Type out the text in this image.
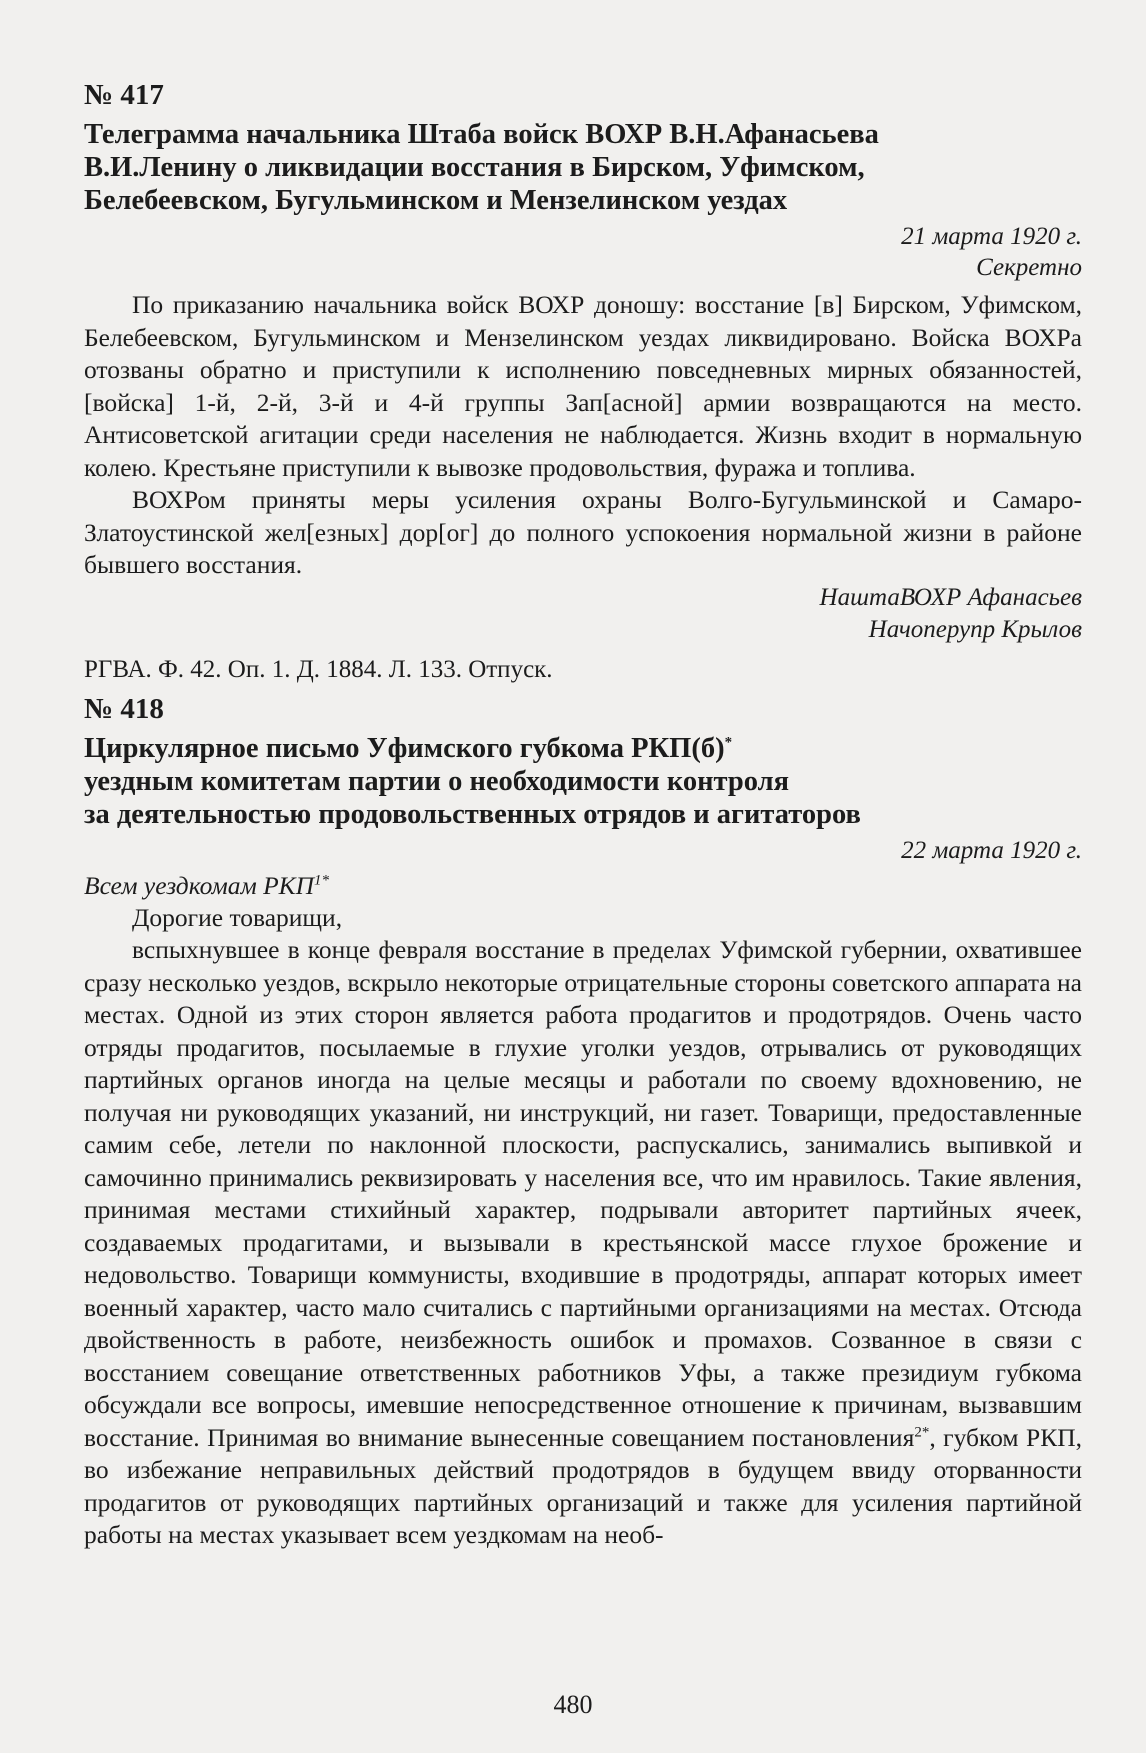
№ 417
Телеграмма начальника Штаба войск ВОХР В.Н.Афанасьева
В.И.Ленину о ликвидации восстания в Бирском, Уфимском,
Белебеевском, Бугульминском и Мензелинском уездах
21 марта 1920 г.
Секретно

По приказанию начальника войск ВОХР доношу: восстание [в] Бирском, Уфимском, Белебеевском, Бугульминском и Мензелинском уездах ликвидировано. Войска ВОХРа отозваны обратно и приступили к исполнению повседневных мирных обязанностей, [войска] 1-й, 2-й, 3-й и 4-й группы Зап[асной] армии возвращаются на место. Антисоветской агитации среди населения не наблюдается. Жизнь входит в нормальную колею. Крестьяне приступили к вывозке продовольствия, фуража и топлива.

ВОХРом приняты меры усиления охраны Волго-Бугульминской и Самаро-Златоустинской жел[езных] дор[ог] до полного успокоения нормальной жизни в районе бывшего восстания.

НаштаВОХР Афанасьев
Начоперупр Крылов
РГВА. Ф. 42. Оп. 1. Д. 1884. Л. 133. Отпуск.
№ 418
Циркулярное письмо Уфимского губкома РКП(б)*
уездным комитетам партии о необходимости контроля
за деятельностью продовольственных отрядов и агитаторов
22 марта 1920 г.
Всем уездкомам $РКП^{1*}$

Дорогие товарищи,

вспыхнувшее в конце февраля восстание в пределах Уфимской губернии, охватившее сразу несколько уездов, вскрыло некоторые отрицательные стороны советского аппарата на местах. Одной из этих сторон является работа продагитов и продотрядов. Очень часто отряды продагитов, посылаемые в глухие уголки уездов, отрывались от руководящих партийных органов иногда на целые месяцы и работали по своему вдохновению, не получая ни руководящих указаний, ни инструкций, ни газет. Товарищи, предоставленные самим себе, летели по наклонной плоскости, распускались, занимались выпивкой и самочинно принимались реквизировать у населения все, что им нравилось. Такие явления, принимая местами стихийный характер, подрывали авторитет партийных ячеек, создаваемых продагитами, и вызывали в крестьянской массе глухое брожение и недовольство. Товарищи коммунисты, входившие в продотряды, аппарат которых имеет военный характер, часто мало считались с партийными организациями на местах. Отсюда двойственность в работе, неизбежность ошибок и промахов. Созванное в связи с восстанием совещание ответственных работников Уфы, а также президиум губкома обсуждали все вопросы, имевшие непосредственное отношение к причинам, вызвавшим восстание. Принимая во внимание вынесенные совещанием постановления$^{2*}$, губком РКП, во избежание неправильных действий продотрядов в будущем ввиду оторванности продагитов от руководящих партийных организаций и также для усиления партийной работы на местах указывает всем уездкомам на необ-

480
